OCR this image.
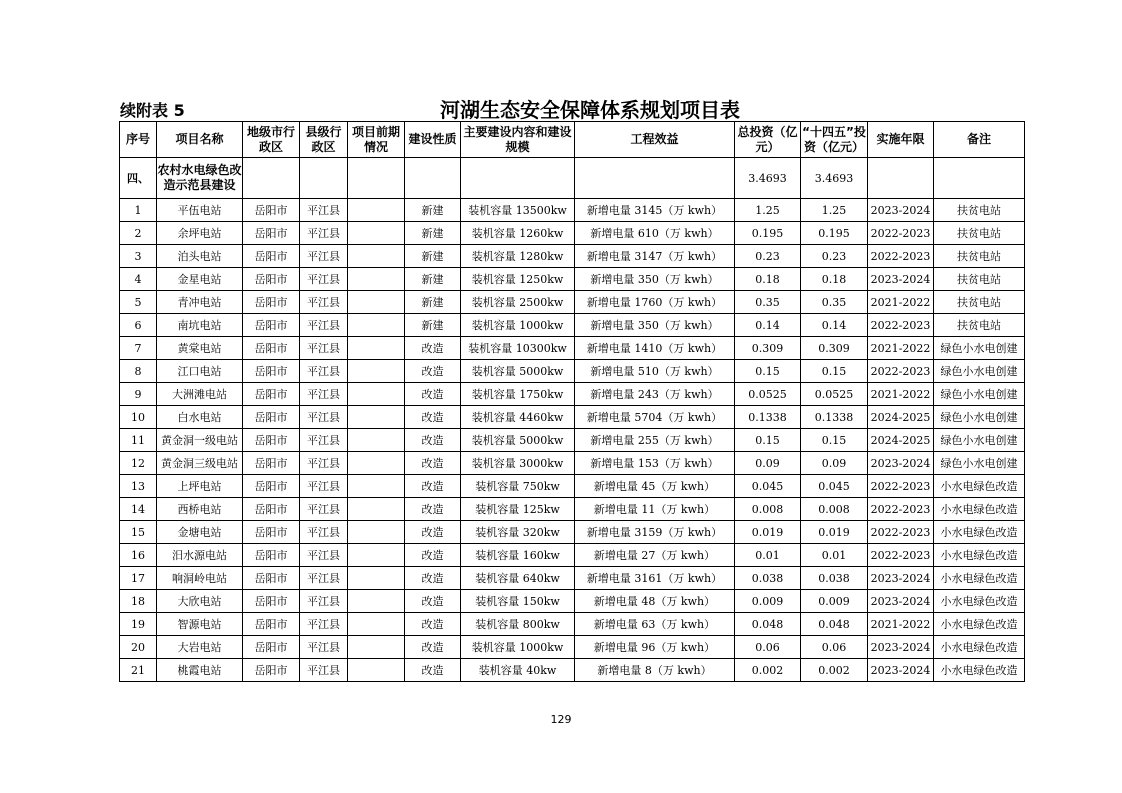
续附表 5	河湖生态安全保障体系规划项目表
序号	项目名称	地级市行政区	县级行政区	项目前期情况	建设性质	主要建设内容和建设规模	工程效益	总投资（亿元）	“十四五”投资（亿元）	实施年限	备注
四、	农村水电绿色改造示范县建设							3.4693	3.4693		
1	平伍电站	岳阳市	平江县		新建	装机容量 13500kw	新增电量 3145（万 kwh）	1.25	1.25	2023-2024	扶贫电站
2	余坪电站	岳阳市	平江县		新建	装机容量 1260kw	新增电量 610（万 kwh）	0.195	0.195	2022-2023	扶贫电站
3	泊头电站	岳阳市	平江县		新建	装机容量 1280kw	新增电量 3147（万 kwh）	0.23	0.23	2022-2023	扶贫电站
4	金星电站	岳阳市	平江县		新建	装机容量 1250kw	新增电量 350（万 kwh）	0.18	0.18	2023-2024	扶贫电站
5	青冲电站	岳阳市	平江县		新建	装机容量 2500kw	新增电量 1760（万 kwh）	0.35	0.35	2021-2022	扶贫电站
6	南坑电站	岳阳市	平江县		新建	装机容量 1000kw	新增电量 350（万 kwh）	0.14	0.14	2022-2023	扶贫电站
7	黄棠电站	岳阳市	平江县		改造	装机容量 10300kw	新增电量 1410（万 kwh）	0.309	0.309	2021-2022	绿色小水电创建
8	江口电站	岳阳市	平江县		改造	装机容量 5000kw	新增电量 510（万 kwh）	0.15	0.15	2022-2023	绿色小水电创建
9	大洲滩电站	岳阳市	平江县		改造	装机容量 1750kw	新增电量 243（万 kwh）	0.0525	0.0525	2021-2022	绿色小水电创建
10	白水电站	岳阳市	平江县		改造	装机容量 4460kw	新增电量 5704（万 kwh）	0.1338	0.1338	2024-2025	绿色小水电创建
11	黄金洞一级电站	岳阳市	平江县		改造	装机容量 5000kw	新增电量 255（万 kwh）	0.15	0.15	2024-2025	绿色小水电创建
12	黄金洞三级电站	岳阳市	平江县		改造	装机容量 3000kw	新增电量 153（万 kwh）	0.09	0.09	2023-2024	绿色小水电创建
13	上坪电站	岳阳市	平江县		改造	装机容量 750kw	新增电量 45（万 kwh）	0.045	0.045	2022-2023	小水电绿色改造
14	西桥电站	岳阳市	平江县		改造	装机容量 125kw	新增电量 11（万 kwh）	0.008	0.008	2022-2023	小水电绿色改造
15	金塘电站	岳阳市	平江县		改造	装机容量 320kw	新增电量 3159（万 kwh）	0.019	0.019	2022-2023	小水电绿色改造
16	汨水源电站	岳阳市	平江县		改造	装机容量 160kw	新增电量 27（万 kwh）	0.01	0.01	2022-2023	小水电绿色改造
17	响洞岭电站	岳阳市	平江县		改造	装机容量 640kw	新增电量 3161（万 kwh）	0.038	0.038	2023-2024	小水电绿色改造
18	大欣电站	岳阳市	平江县		改造	装机容量 150kw	新增电量 48（万 kwh）	0.009	0.009	2023-2024	小水电绿色改造
19	智源电站	岳阳市	平江县		改造	装机容量 800kw	新增电量 63（万 kwh）	0.048	0.048	2021-2022	小水电绿色改造
20	大岩电站	岳阳市	平江县		改造	装机容量 1000kw	新增电量 96（万 kwh）	0.06	0.06	2023-2024	小水电绿色改造
21	桃霞电站	岳阳市	平江县		改造	装机容量 40kw	新增电量 8（万 kwh）	0.002	0.002	2023-2024	小水电绿色改造
129
